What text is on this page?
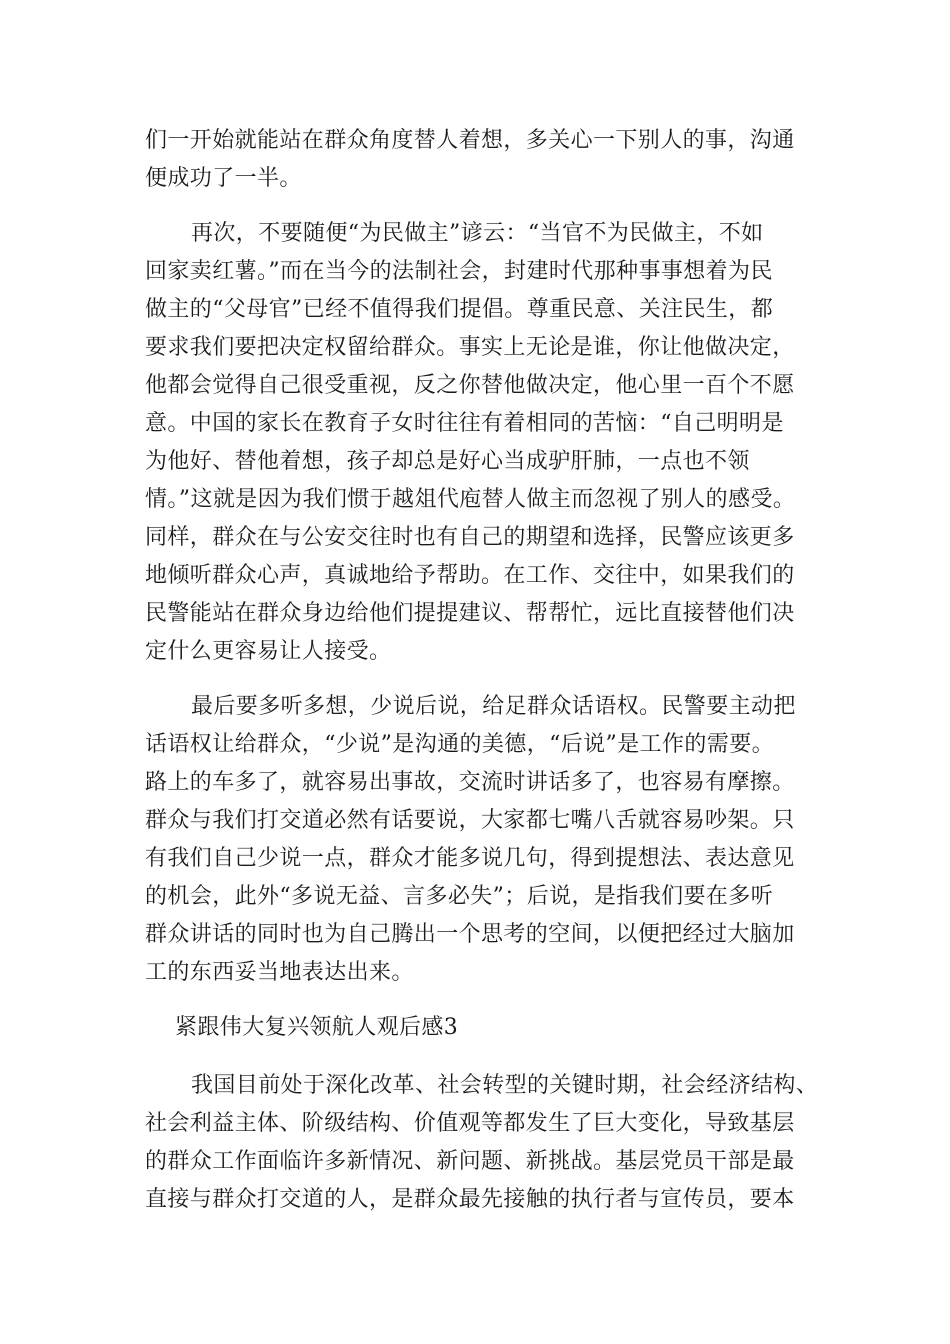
们一开始就能站在群众角度替人着想，多关心一下别人的事，沟通
便成功了一半。
再次，不要随便“为民做主”谚云：“当官不为民做主，不如
回家卖红薯。”而在当今的法制社会，封建时代那种事事想着为民
做主的“父母官”已经不值得我们提倡。尊重民意、关注民生，都
要求我们要把决定权留给群众。事实上无论是谁，你让他做决定，
他都会觉得自己很受重视，反之你替他做决定，他心里一百个不愿
意。中国的家长在教育子女时往往有着相同的苦恼：“自己明明是
为他好、替他着想，孩子却总是好心当成驴肝肺，一点也不领
情。”这就是因为我们惯于越俎代庖替人做主而忽视了别人的感受。
同样，群众在与公安交往时也有自己的期望和选择，民警应该更多
地倾听群众心声，真诚地给予帮助。在工作、交往中，如果我们的
民警能站在群众身边给他们提提建议、帮帮忙，远比直接替他们决
定什么更容易让人接受。
最后要多听多想，少说后说，给足群众话语权。民警要主动把
话语权让给群众，“少说”是沟通的美德，“后说”是工作的需要。
路上的车多了，就容易出事故，交流时讲话多了，也容易有摩擦。
群众与我们打交道必然有话要说，大家都七嘴八舌就容易吵架。只
有我们自己少说一点，群众才能多说几句，得到提想法、表达意见
的机会，此外“多说无益、言多必失”；后说，是指我们要在多听
群众讲话的同时也为自己腾出一个思考的空间，以便把经过大脑加
工的东西妥当地表达出来。
紧跟伟大复兴领航人观后感3
我国目前处于深化改革、社会转型的关键时期，社会经济结构、
社会利益主体、阶级结构、价值观等都发生了巨大变化，导致基层
的群众工作面临许多新情况、新问题、新挑战。基层党员干部是最
直接与群众打交道的人，是群众最先接触的执行者与宣传员，要本
